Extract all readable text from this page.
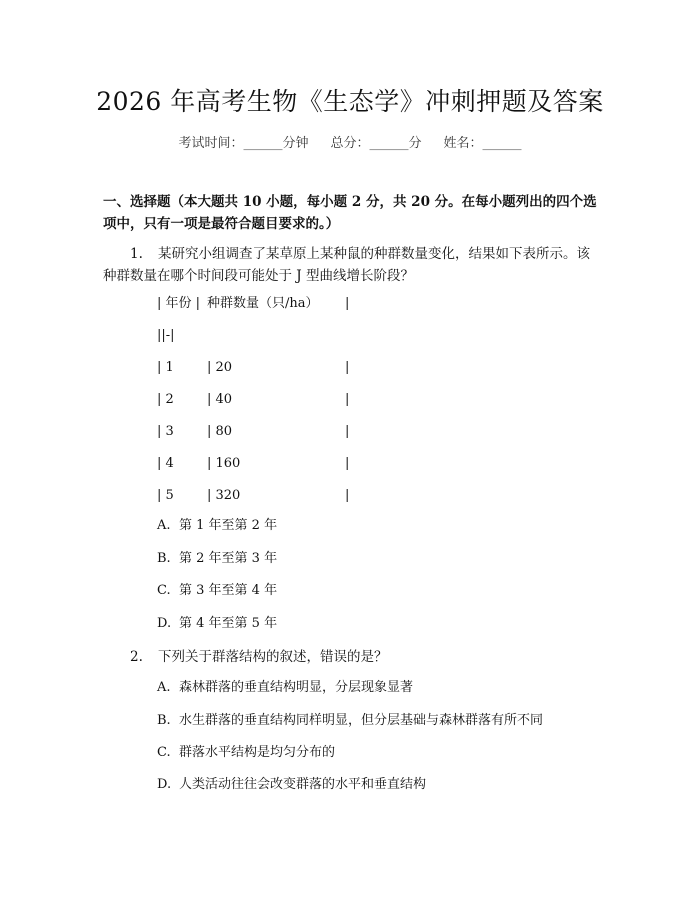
2026 年高考生物《生态学》冲刺押题及答案
考试时间：______分钟 总分：______分 姓名：______
一、选择题（本大题共 10 小题，每小题 2 分，共 20 分。在每小题列出的四个选项中，只有一项是最符合题目要求的。）
1. 某研究小组调查了某草原上某种鼠的种群数量变化，结果如下表所示。该种群数量在哪个时间段可能处于 J 型曲线增长阶段？
| 年份 | 种群数量（只/ha） |
||-|
| 1	| 20	|
| 2	| 40	|
| 3	| 80	|
| 4	| 160	|
| 5	| 320	|
A. 第 1 年至第 2 年
B. 第 2 年至第 3 年
C. 第 3 年至第 4 年
D. 第 4 年至第 5 年
2. 下列关于群落结构的叙述，错误的是？
A. 森林群落的垂直结构明显，分层现象显著
B. 水生群落的垂直结构同样明显，但分层基础与森林群落有所不同
C. 群落水平结构是均匀分布的
D. 人类活动往往会改变群落的水平和垂直结构
